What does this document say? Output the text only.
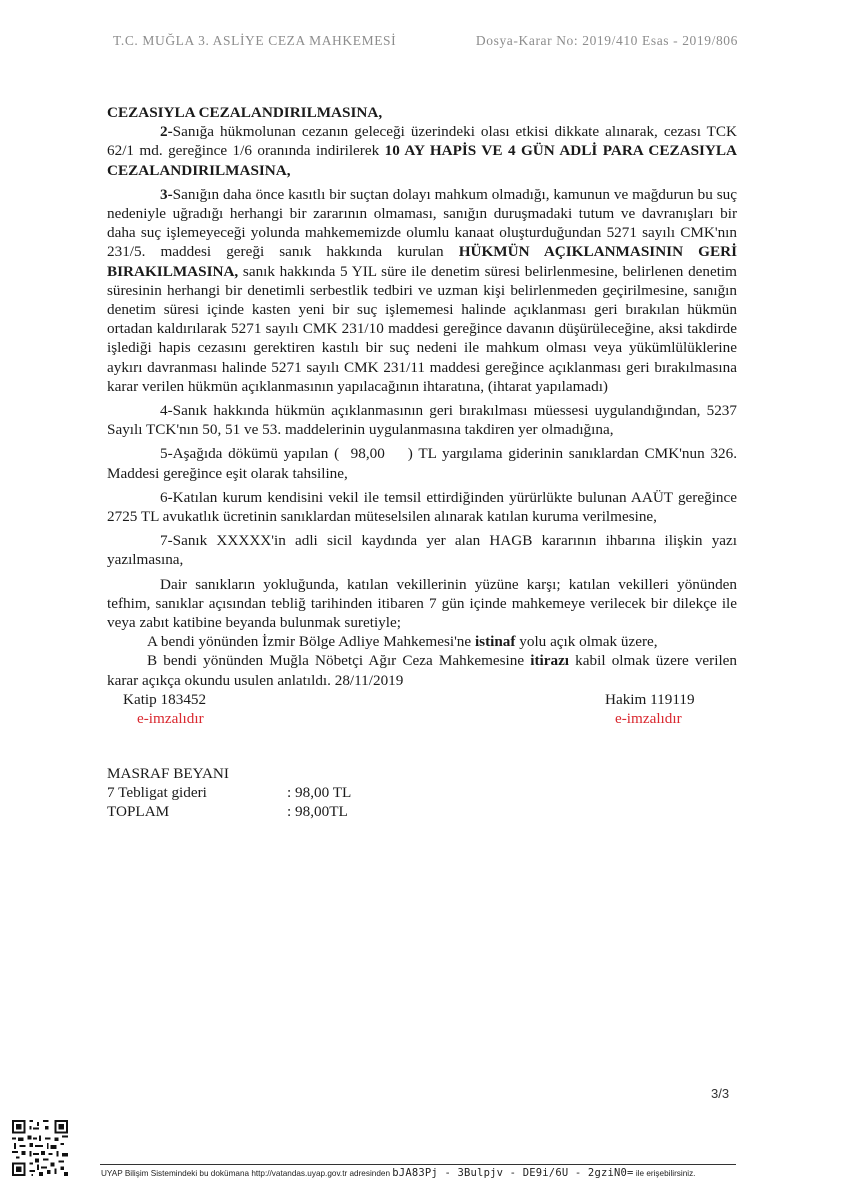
T.C. MUĞLA 3. ASLİYE CEZA MAHKEMESİ	Dosya-Karar No: 2019/410 Esas - 2019/806

CEZASIYLA CEZALANDIRILMASINA,

2-Sanığa hükmolunan cezanın geleceği üzerindeki olası etkisi dikkate alınarak, cezası TCK 62/1 md. gereğince 1/6 oranında indirilerek 10 AY HAPİS VE 4 GÜN ADLİ PARA CEZASIYLA CEZALANDIRILMASINA,

3-Sanığın daha önce kasıtlı bir suçtan dolayı mahkum olmadığı, kamunun ve mağdurun bu suç nedeniyle uğradığı herhangi bir zararının olmaması, sanığın duruşmadaki tutum ve davranışları bir daha suç işlemeyeceği yolunda mahkememizde olumlu kanaat oluşturduğundan 5271 sayılı CMK'nın 231/5. maddesi gereği sanık hakkında kurulan HÜKMÜN AÇIKLANMASININ GERİ BIRAKILMASINA, sanık hakkında 5 YIL süre ile denetim süresi belirlenmesine, belirlenen denetim süresinin herhangi bir denetimli serbestlik tedbiri ve uzman kişi belirlenmeden geçirilmesine, sanığın denetim süresi içinde kasten yeni bir suç işlememesi halinde açıklanması geri bırakılan hükmün ortadan kaldırılarak 5271 sayılı CMK 231/10 maddesi gereğince davanın düşürüleceğine, aksi takdirde işlediği hapis cezasını gerektiren kastılı bir suç nedeni ile mahkum olması veya yükümlülüklerine aykırı davranması halinde 5271 sayılı CMK 231/11 maddesi gereğince açıklanması geri bırakılmasına karar verilen hükmün açıklanmasının yapılacağının ihtaratına, (ihtarat yapılamadı)

4-Sanık hakkında hükmün açıklanmasının geri bırakılması müessesi uygulandığından, 5237 Sayılı TCK'nın 50, 51 ve 53. maddelerinin uygulanmasına takdiren yer olmadığına,

5-Aşağıda dökümü yapılan (  98,00    ) TL yargılama giderinin sanıklardan CMK'nun 326. Maddesi gereğince eşit olarak tahsiline,

6-Katılan kurum kendisini vekil ile temsil ettirdiğinden yürürlükte bulunan AAÜT gereğince 2725 TL avukatlık ücretinin sanıklardan müteselsilen alınarak katılan kuruma verilmesine,

7-Sanık XXXXX'in adli sicil kaydında yer alan HAGB kararının ihbarına ilişkin yazı yazılmasına,

Dair sanıkların yokluğunda, katılan vekillerinin yüzüne karşı; katılan vekilleri yönünden tefhim, sanıklar açısından tebliğ tarihinden itibaren 7 gün içinde mahkemeye verilecek bir dilekçe ile veya zabıt katibine beyanda bulunmak suretiyle;

A bendi yönünden İzmir Bölge Adliye Mahkemesi'ne istinaf yolu açık olmak üzere,

B bendi yönünden Muğla Nöbetçi Ağır Ceza Mahkemesine itirazı kabil olmak üzere verilen karar açıkça okundu usulen anlatıldı. 28/11/2019

Katip 183452
e-imzalıdır
Hakim 119119
e-imzalıdır
MASRAF BEYANI
7 Tebligat gideri	: 98,00 TL
TOPLAM	: 98,00TL
3/3
UYAP Bilişim Sistemindeki bu dokümana http://vatandas.uyap.gov.tr adresinden bJA83Pj - 3Bulpjv - DE9i/6U - 2gziN0= ile erişebilirsiniz.
